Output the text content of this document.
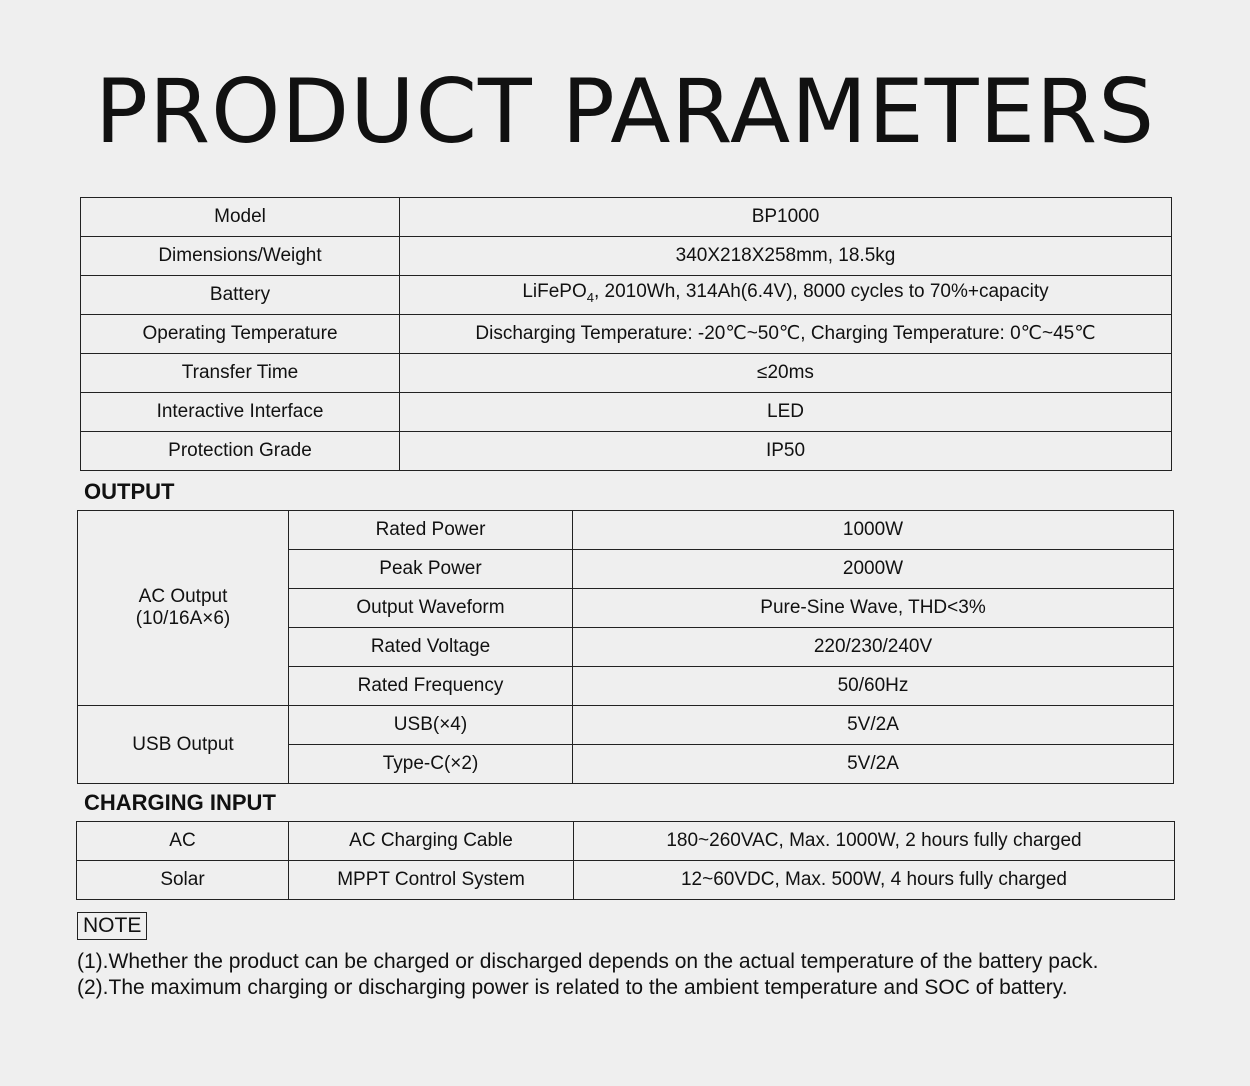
PRODUCT PARAMETERS
Model	BP1000
Dimensions/Weight	340X218X258mm, 18.5kg
Battery	LiFePO$_4$, 2010Wh, 314Ah(6.4V), 8000 cycles to 70%+capacity
Operating Temperature	Discharging Temperature: -20℃~50℃, Charging Temperature: 0℃~45℃
Transfer Time	≤20ms
Interactive Interface	LED
Protection Grade	IP50
OUTPUT
AC Output
(10/16A×6)	Rated Power	1000W
	Peak Power	2000W
	Output Waveform	Pure-Sine Wave, THD<3%
	Rated Voltage	220/230/240V
	Rated Frequency	50/60Hz
USB Output	USB(×4)	5V/2A
	Type-C(×2)	5V/2A
CHARGING INPUT
AC	AC Charging Cable	180~260VAC, Max. 1000W, 2 hours fully charged
Solar	MPPT Control System	12~60VDC, Max. 500W, 4 hours fully charged
NOTE
(1).Whether the product can be charged or discharged depends on the actual temperature of the battery pack.
(2).The maximum charging or discharging power is related to the ambient temperature and SOC of battery.
